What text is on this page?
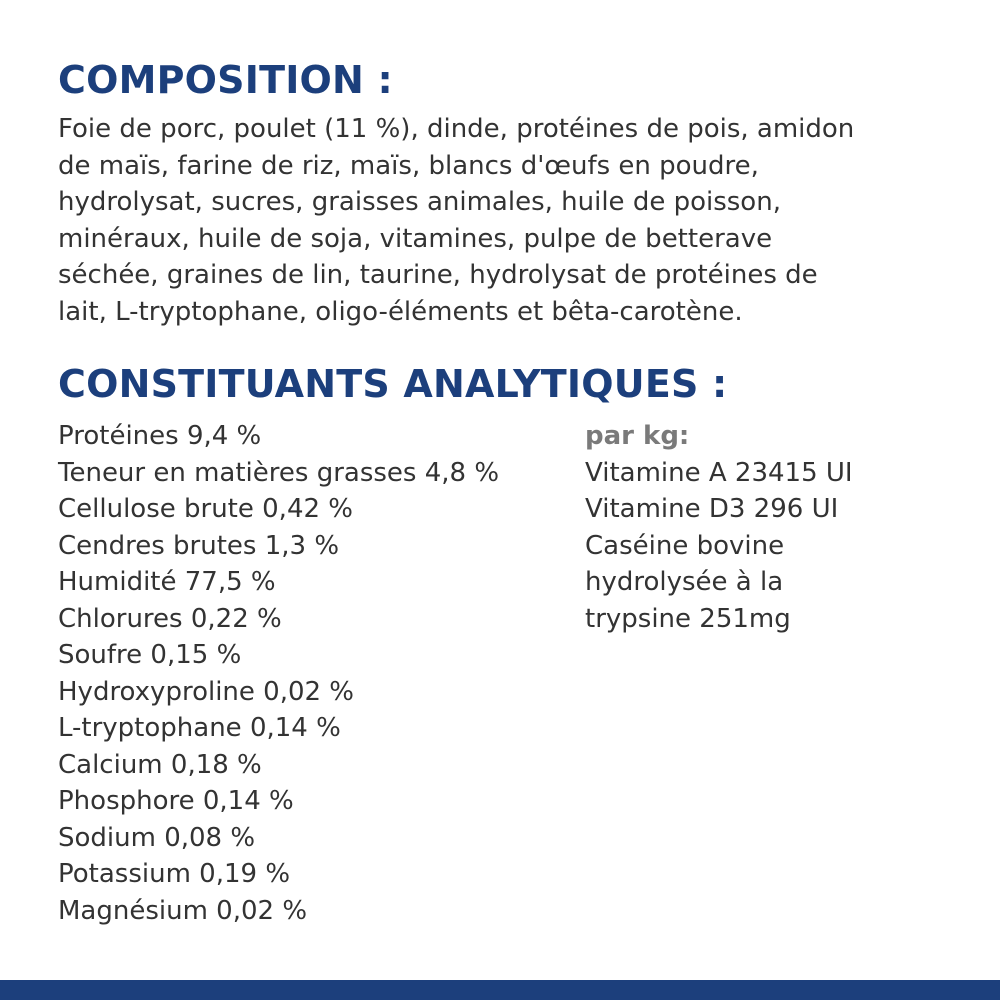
COMPOSITION :

Foie de porc, poulet (11 %), dinde, protéines de pois, amidon
de maïs, farine de riz, maïs, blancs d'œufs en poudre,
hydrolysat, sucres, graisses animales, huile de poisson,
minéraux, huile de soja, vitamines, pulpe de betterave
séchée, graines de lin, taurine, hydrolysat de protéines de
lait, L-tryptophane, oligo-éléments et bêta-carotène.

CONSTITUANTS ANALYTIQUES :
Protéines 9,4 %
Teneur en matières grasses 4,8 %
Cellulose brute 0,42 %
Cendres brutes 1,3 %
Humidité 77,5 %
Chlorures 0,22 %
Soufre 0,15 %
Hydroxyproline 0,02 %
L-tryptophane 0,14 %
Calcium 0,18 %
Phosphore 0,14 %
Sodium 0,08 %
Potassium 0,19 %
Magnésium 0,02 %
par kg:
Vitamine A 23415 UI
Vitamine D3 296 UI
Caséine bovine
hydrolysée à la
trypsine 251mg
